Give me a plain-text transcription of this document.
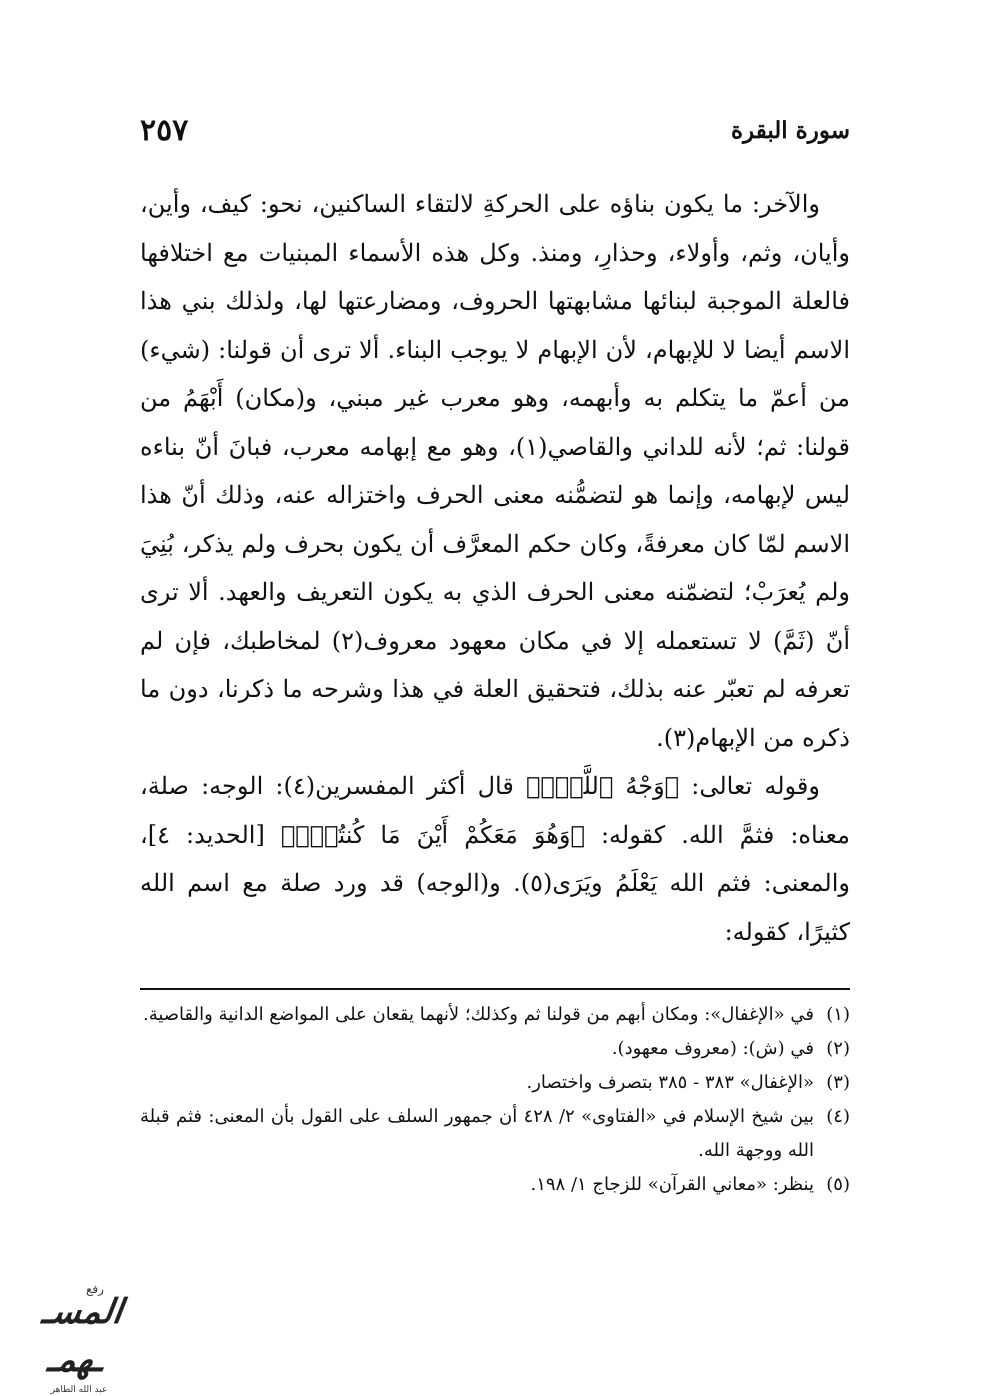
سورة البقرة
٢٥٧

والآخر: ما يكون بناؤه على الحركةِ لالتقاء الساكنين، نحو: كيف، وأين، وأيان، وثم، وأولاء، وحذارِ، ومنذ. وكل هذه الأسماء المبنيات مع اختلافها فالعلة الموجبة لبنائها مشابهتها الحروف، ومضارعتها لها، ولذلك بني هذا الاسم أيضا لا للإبهام، لأن الإبهام لا يوجب البناء. ألا ترى أن قولنا: (شيء) من أعمّ ما يتكلم به وأبهمه، وهو معرب غير مبني، و(مكان) أَبْهَمُ من قولنا: ثم؛ لأنه للداني والقاصي(١)، وهو مع إبهامه معرب، فبانَ أنّ بناءه ليس لإبهامه، وإنما هو لتضمُّنه معنى الحرف واختزاله عنه، وذلك أنّ هذا الاسم لمّا كان معرفةً، وكان حكم المعرَّف أن يكون بحرف ولم يذكر، بُنِيَ ولم يُعرَبْ؛ لتضمّنه معنى الحرف الذي به يكون التعريف والعهد. ألا ترى أنّ (ثَمَّ) لا تستعمله إلا في مكان معهود معروف(٢) لمخاطبك، فإن لم تعرفه لم تعبّر عنه بذلك، فتحقيق العلة في هذا وشرحه ما ذكرنا، دون ما ذكره من الإبهام(٣).

وقوله تعالى: ﴿وَجْهُ ٱللَّهِۚ﴾ قال أكثر المفسرين(٤): الوجه: صلة، معناه: فثمَّ الله. كقوله: ﴿وَهُوَ مَعَكُمْ أَيْنَ مَا كُنتُمْۚ﴾ [الحديد: ٤]، والمعنى: فثم الله يَعْلَمُ ويَرَى(٥). و(الوجه) قد ورد صلة مع اسم الله كثيرًا، كقوله:

(١)
في «الإغفال»: ومكان أبهم من قولنا ثم وكذلك؛ لأنهما يقعان على المواضع الدانية والقاصية.
(٢)
في (ش): (معروف معهود).
(٣)
«الإغفال» ٣٨٣ - ٣٨٥ بتصرف واختصار.
(٤)
بين شيخ الإسلام في «الفتاوى» ٢/ ٤٢٨ أن جمهور السلف على القول بأن المعنى: فثم قبلة الله ووجهة الله.
(٥)
ينظر: «معاني القرآن» للزجاج ١/ ١٩٨.
رفع
المسـ ـهمـ
عبد الله الطاهر
